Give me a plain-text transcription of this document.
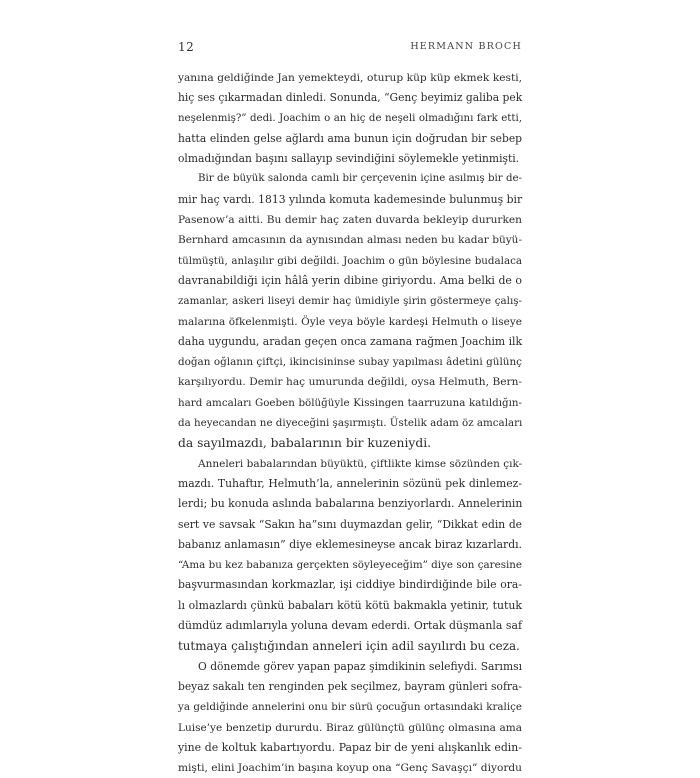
12	HERMANN BROCH
yanına geldiğinde Jan yemekteydi, oturup küp küp ekmek kesti,
hiç ses çıkarmadan dinledi. Sonunda, “Genç beyimiz galiba pek
neşelenmiş?” dedi. Joachim o an hiç de neşeli olmadığını fark etti,
hatta elinden gelse ağlardı ama bunun için doğrudan bir sebep
olmadığından başını sallayıp sevindiğini söylemekle yetinmişti.
Bir de büyük salonda camlı bir çerçevenin içine asılmış bir de-
mir haç vardı. 1813 yılında komuta kademesinde bulunmuş bir
Pasenow’a aitti. Bu demir haç zaten duvarda bekleyip dururken
Bernhard amcasının da aynısından alması neden bu kadar büyü-
tülmüştü, anlaşılır gibi değildi. Joachim o gün böylesine budalaca
davranabildiği için hâlâ yerin dibine giriyordu. Ama belki de o
zamanlar, askeri liseyi demir haç ümidiyle şirin göstermeye çalış-
malarına öfkelenmişti. Öyle veya böyle kardeşi Helmuth o liseye
daha uygundu, aradan geçen onca zamana rağmen Joachim ilk
doğan oğlanın çiftçi, ikincisininse subay yapılması âdetini gülünç
karşılıyordu. Demir haç umurunda değildi, oysa Helmuth, Bern-
hard amcaları Goeben bölüğüyle Kissingen taarruzuna katıldığın-
da heyecandan ne diyeceğini şaşırmıştı. Üstelik adam öz amcaları
da sayılmazdı, babalarının bir kuzeniydi.
Anneleri babalarından büyüktü, çiftlikte kimse sözünden çık-
mazdı. Tuhaftır, Helmuth’la, annelerinin sözünü pek dinlemez-
lerdi; bu konuda aslında babalarına benziyorlardı. Annelerinin
sert ve savsak “Sakın ha”sını duymazdan gelir, “Dikkat edin de
babanız anlamasın” diye eklemesineyse ancak biraz kızarlardı.
“Ama bu kez babanıza gerçekten söyleyeceğim” diye son çaresine
başvurmasından korkmazlar, işi ciddiye bindirdiğinde bile ora-
lı olmazlardı çünkü babaları kötü kötü bakmakla yetinir, tutuk
dümdüz adımlarıyla yoluna devam ederdi. Ortak düşmanla saf
tutmaya çalıştığından anneleri için adil sayılırdı bu ceza.
O dönemde görev yapan papaz şimdikinin selefiydi. Sarımsı
beyaz sakalı ten renginden pek seçilmez, bayram günleri sofra-
ya geldiğinde annelerini onu bir sürü çocuğun ortasındaki kraliçe
Luise’ye benzetip dururdu. Biraz gülünçtü gülünç olmasına ama
yine de koltuk kabartıyordu. Papaz bir de yeni alışkanlık edin-
mişti, elini Joachim’in başına koyup ona “Genç Savaşçı” diyordu
